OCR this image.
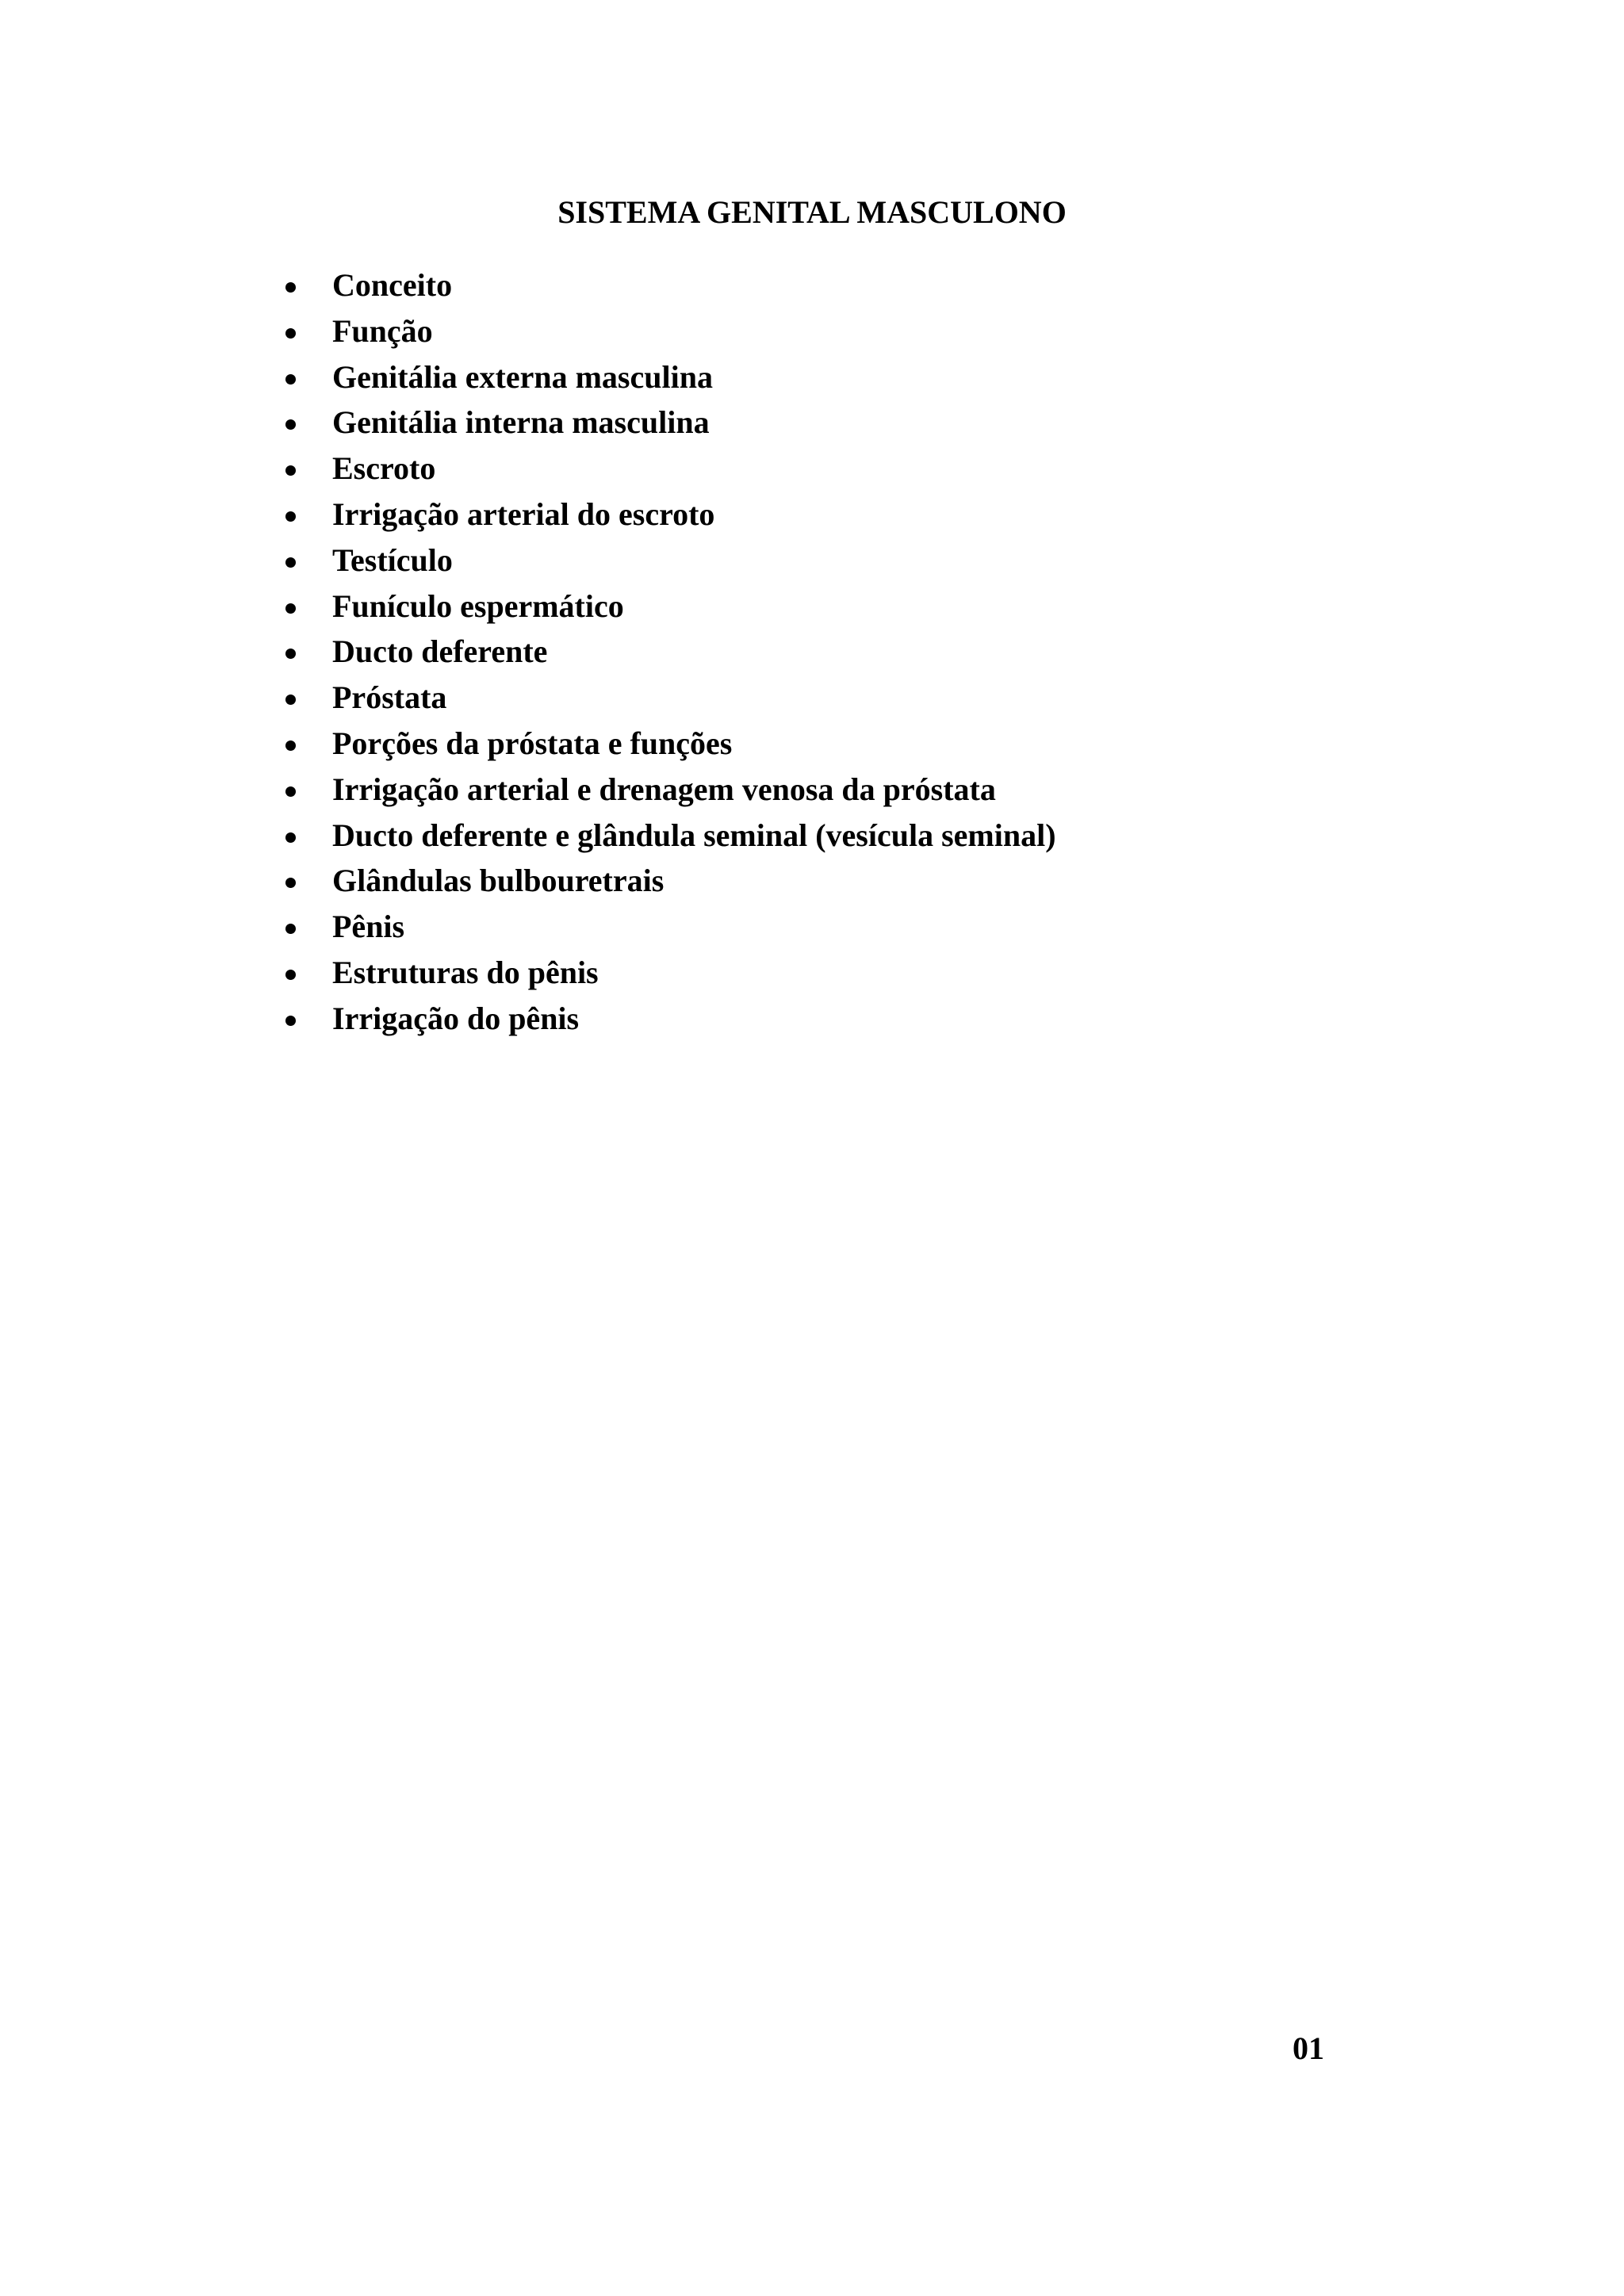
SISTEMA GENITAL MASCULONO
Conceito
Função
Genitália externa masculina
Genitália interna masculina
Escroto
Irrigação arterial do escroto
Testículo
Funículo espermático
Ducto deferente
Próstata
Porções da próstata e funções
Irrigação arterial e drenagem venosa da próstata
Ducto deferente e glândula seminal (vesícula seminal)
Glândulas bulbouretrais
Pênis
Estruturas do pênis
Irrigação do pênis
01
